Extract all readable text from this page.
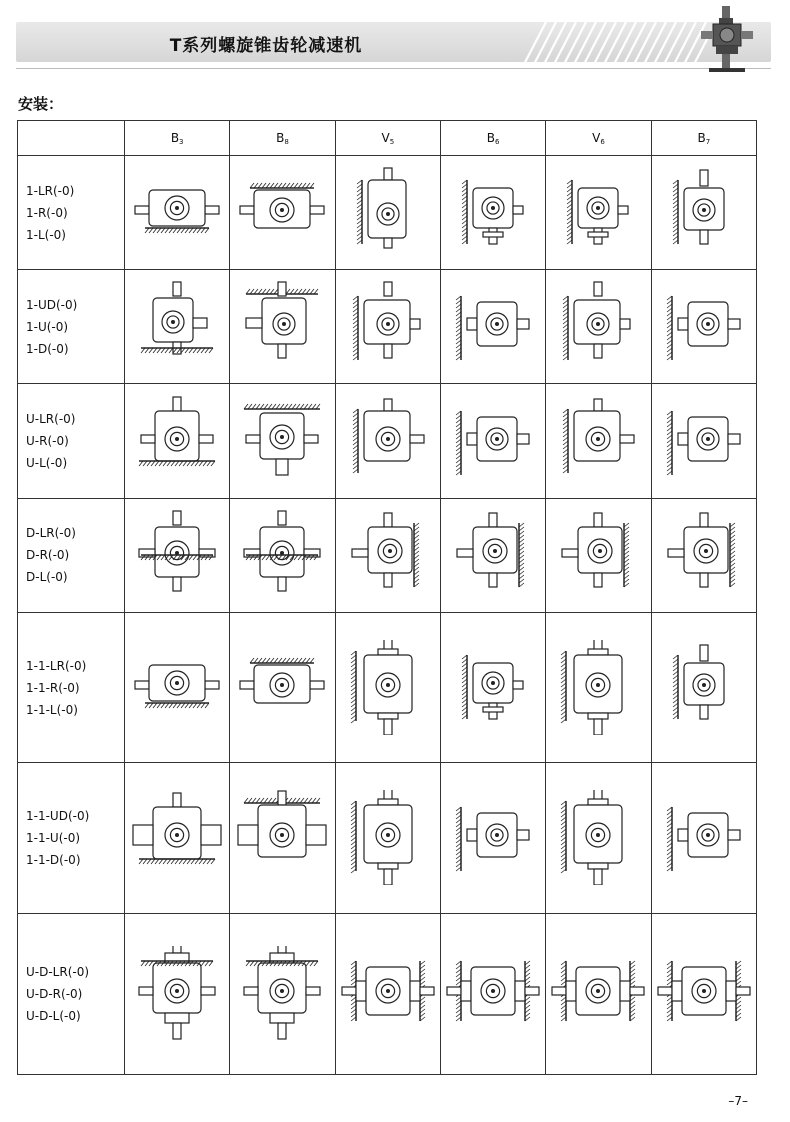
T系列螺旋锥齿轮减速机
安装：
	B3	B8	V5	B6	V6	B7

1-LR(-0)
1-R(-0)
1-L(-0)

1-UD(-0)
1-U(-0)
1-D(-0)

U-LR(-0)
U-R(-0)
U-L(-0)

D-LR(-0)
D-R(-0)
D-L(-0)

1-1-LR(-0)
1-1-R(-0)
1-1-L(-0)

1-1-UD(-0)
1-1-U(-0)
1-1-D(-0)

U-D-LR(-0)
U-D-R(-0)
U-D-L(-0)

–7–
